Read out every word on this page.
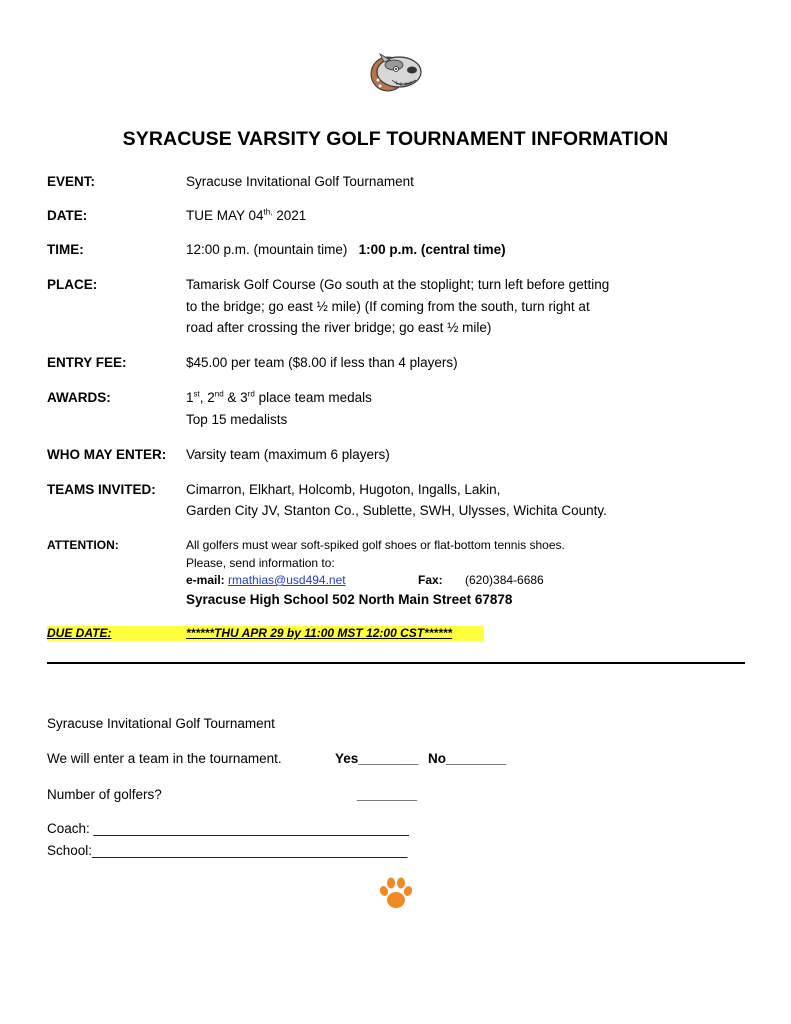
SYRACUSE VARSITY GOLF TOURNAMENT INFORMATION
EVENT:	Syracuse Invitational Golf Tournament
DATE:	TUE MAY $04^{th,}$ 2021
TIME:	12:00 p.m. (mountain time) 1:00 p.m. (central time)
PLACE:	Tamarisk Golf Course (Go south at the stoplight; turn left before getting
to the bridge; go east ½ mile) (If coming from the south, turn right at
road after crossing the river bridge; go east ½ mile)
ENTRY FEE:	$45.00 per team ($8.00 if less than 4 players)
AWARDS:	1st, 2nd & 3rd place team medals
Top 15 medalists
WHO MAY ENTER: Varsity team (maximum 6 players)
TEAMS INVITED: Cimarron, Elkhart, Holcomb, Hugoton, Ingalls, Lakin,
Garden City JV, Stanton Co., Sublette, SWH, Ulysses, Wichita County.
ATTENTION:	All golfers must wear soft-spiked golf shoes or flat-bottom tennis shoes.
Please, send information to:
e-mail: rmathias@usd494.net	Fax: (620)384-6686
Syracuse High School 502 North Main Street 67878
DUE DATE:	******THU APR 29 by 11:00 MST 12:00 CST******
Syracuse Invitational Golf Tournament
We will enter a team in the tournament.	Yes________ No________
Number of golfers?	________
Coach: __________________________________________
School:__________________________________________
